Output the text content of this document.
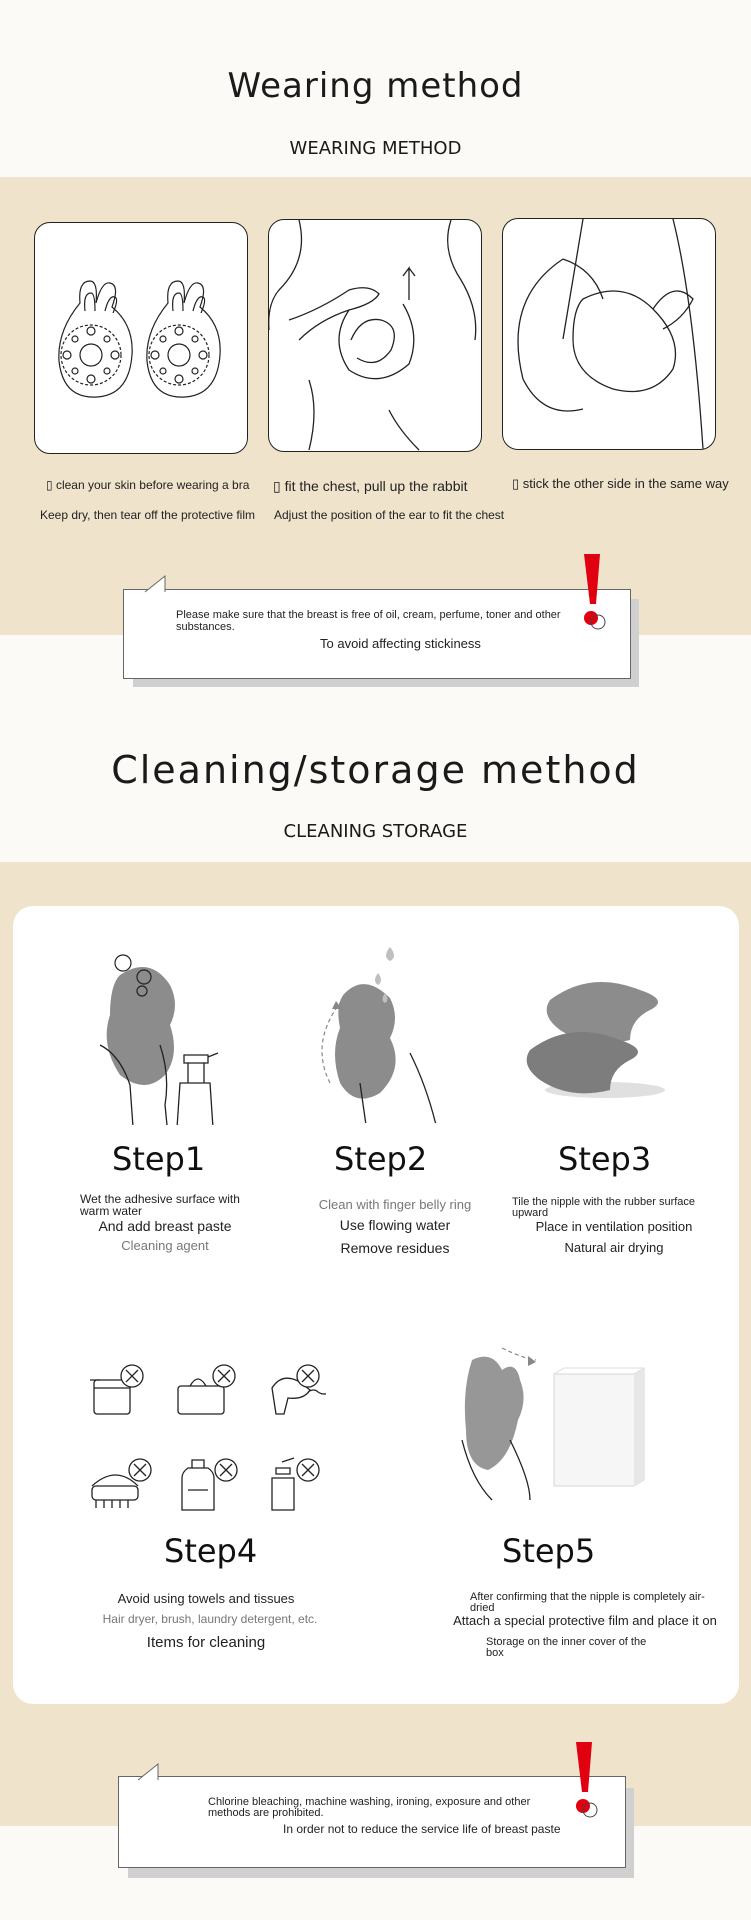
Wearing method
WEARING METHOD
▯ clean your skin before wearing a bra ▯ fit the chest, pull up the rabbit	▯ stick the other side in the same way
Keep dry, then tear off the protective film Adjust the position of the ear to fit the chest
Please make sure that the breast is free of oil, cream, perfume, toner and other substances.
To avoid affecting stickiness
Cleaning/storage method
CLEANING STORAGE
Step1
Wet the adhesive surface with warm water
And add breast paste
Cleaning agent
Step2
Clean with finger belly ring
Use flowing water
Remove residues
Step3
Tile the nipple with the rubber surface upward
Place in ventilation position
Natural air drying
Step4
Avoid using towels and tissues
Hair dryer, brush, laundry detergent, etc.
Items for cleaning
Step5
After confirming that the nipple is completely air-dried
Attach a special protective film and place it on
Storage on the inner cover of the box
Chlorine bleaching, machine washing, ironing, exposure and other methods are prohibited.
In order not to reduce the service life of breast paste
